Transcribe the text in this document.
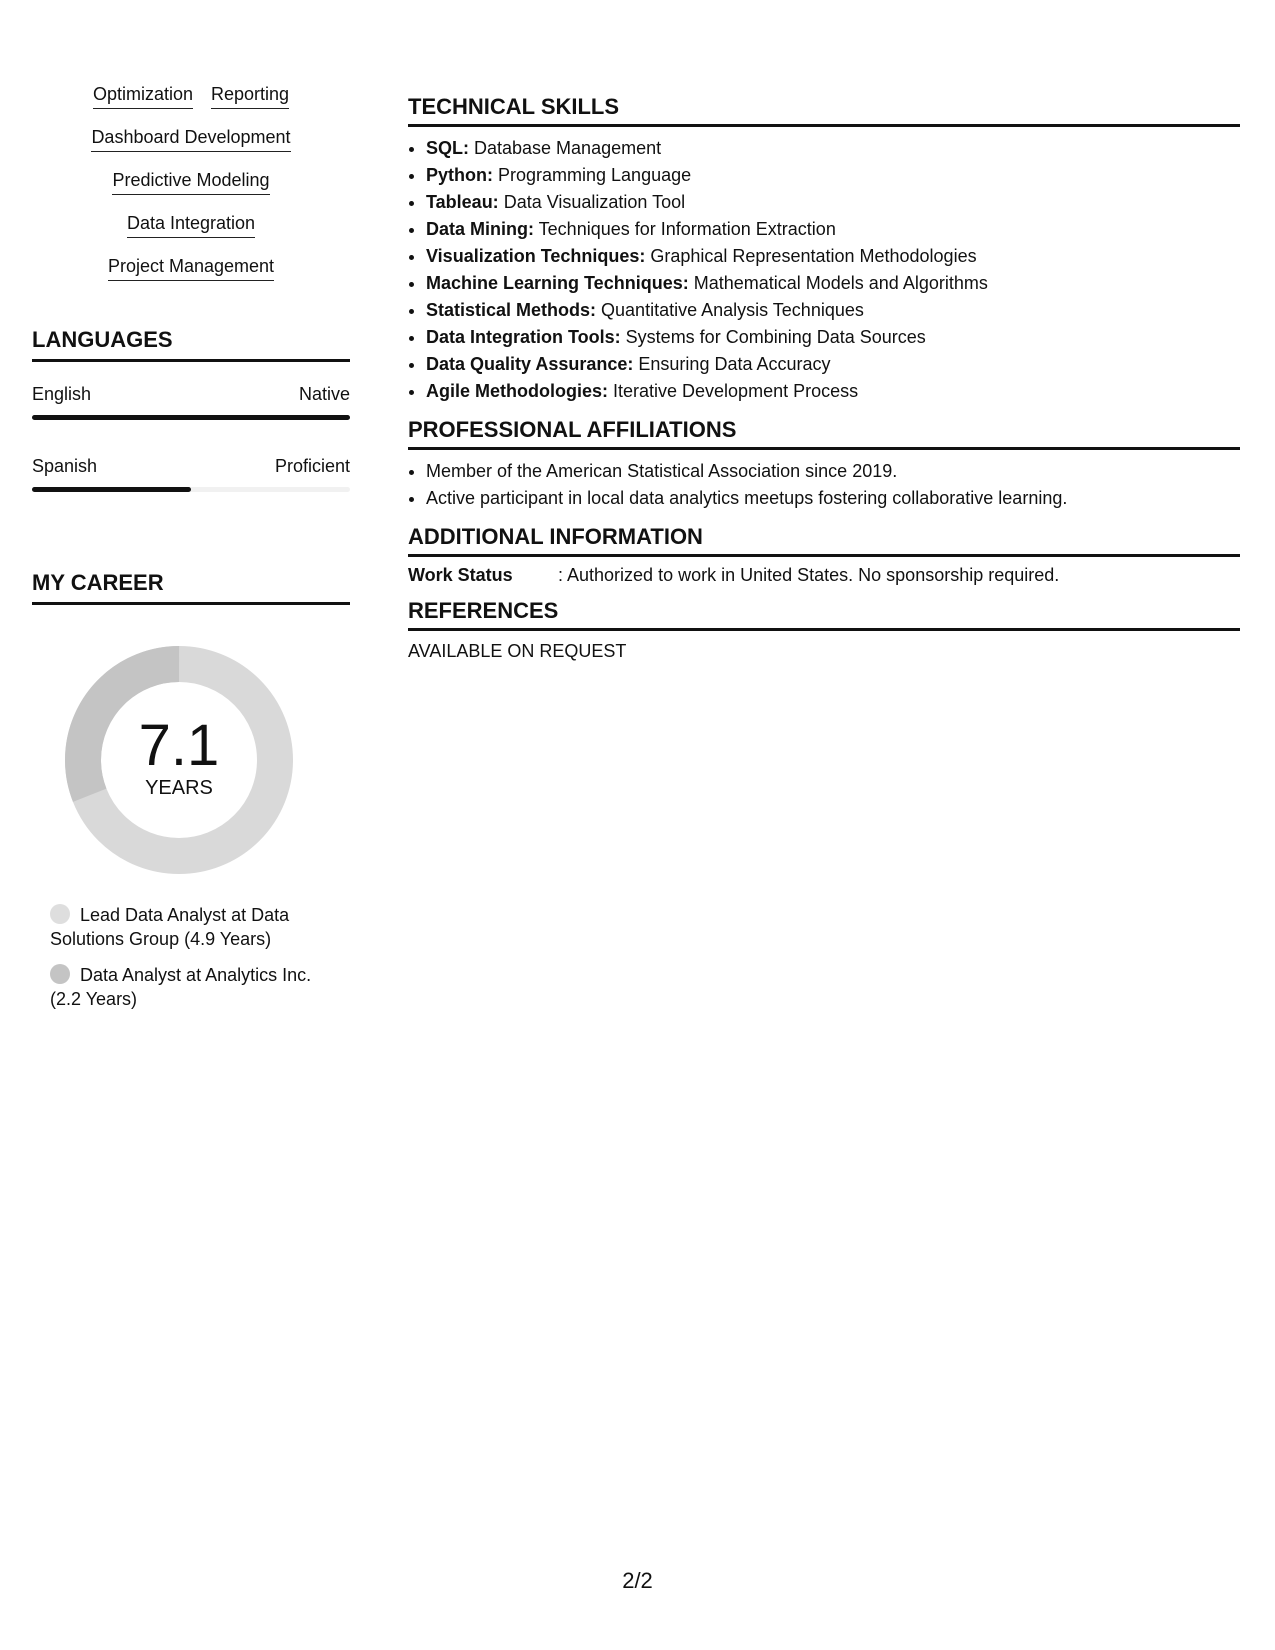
Optimization Reporting
Dashboard Development
Predictive Modeling
Data Integration
Project Management
LANGUAGES
English	Native
Spanish	Proficient
MY CAREER
7.1
YEARS
Lead Data Analyst at Data Solutions Group (4.9 Years)
Data Analyst at Analytics Inc. (2.2 Years)
TECHNICAL SKILLS
• SQL: Database Management
• Python: Programming Language
• Tableau: Data Visualization Tool
• Data Mining: Techniques for Information Extraction
• Visualization Techniques: Graphical Representation Methodologies
• Machine Learning Techniques: Mathematical Models and Algorithms
• Statistical Methods: Quantitative Analysis Techniques
• Data Integration Tools: Systems for Combining Data Sources
• Data Quality Assurance: Ensuring Data Accuracy
• Agile Methodologies: Iterative Development Process
PROFESSIONAL AFFILIATIONS
• Member of the American Statistical Association since 2019.
• Active participant in local data analytics meetups fostering collaborative learning.
ADDITIONAL INFORMATION
Work Status	: Authorized to work in United States. No sponsorship required.
REFERENCES
AVAILABLE ON REQUEST
2/2
